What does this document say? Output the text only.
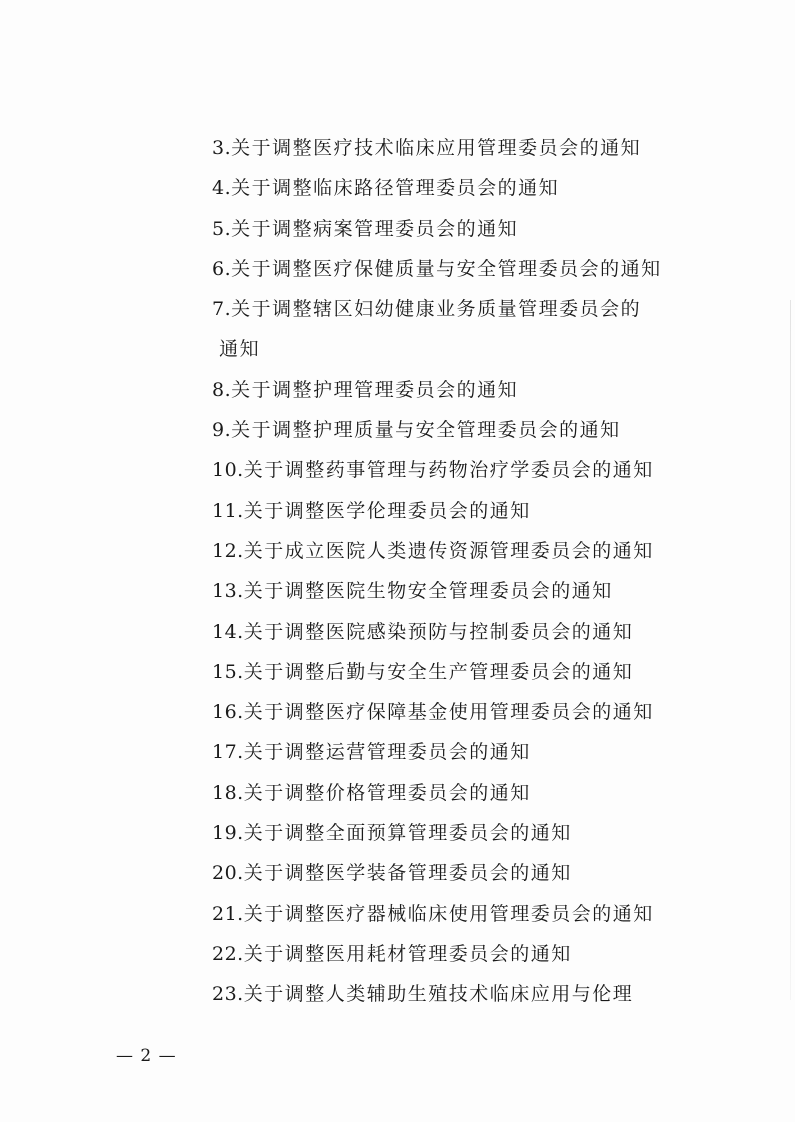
3. 关于调整医疗技术临床应用管理委员会的通知
4. 关于调整临床路径管理委员会的通知
5. 关于调整病案管理委员会的通知
6. 关于调整医疗保健质量与安全管理委员会的通知
7. 关于调整辖区妇幼健康业务质量管理委员会的
通知
8. 关于调整护理管理委员会的通知
9. 关于调整护理质量与安全管理委员会的通知
10. 关于调整药事管理与药物治疗学委员会的通知
11. 关于调整医学伦理委员会的通知
12. 关于成立医院人类遗传资源管理委员会的通知
13. 关于调整医院生物安全管理委员会的通知
14. 关于调整医院感染预防与控制委员会的通知
15. 关于调整后勤与安全生产管理委员会的通知
16. 关于调整医疗保障基金使用管理委员会的通知
17. 关于调整运营管理委员会的通知
18. 关于调整价格管理委员会的通知
19. 关于调整全面预算管理委员会的通知
20. 关于调整医学装备管理委员会的通知
21. 关于调整医疗器械临床使用管理委员会的通知
22. 关于调整医用耗材管理委员会的通知
23. 关于调整人类辅助生殖技术临床应用与伦理
— 2 —
